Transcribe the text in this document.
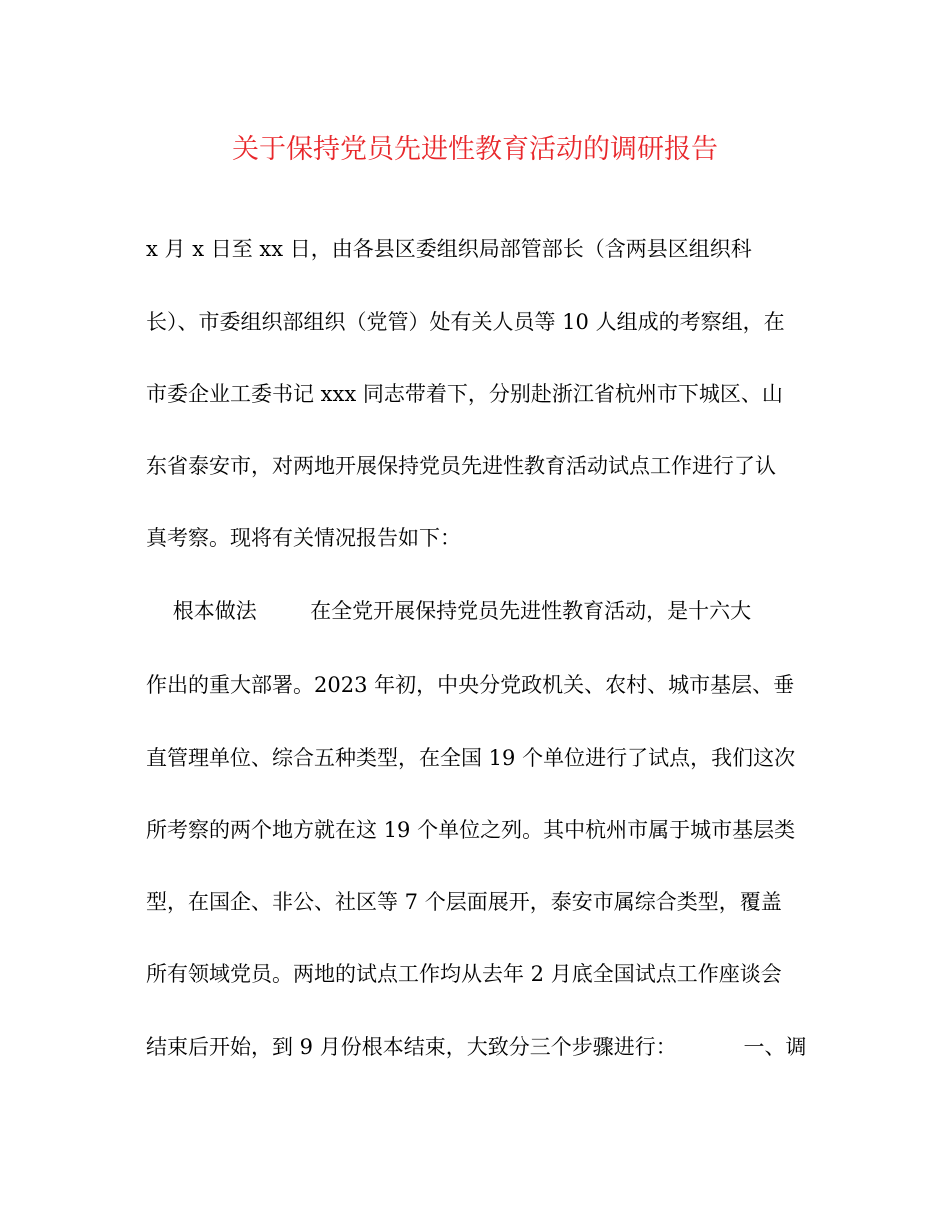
关于保持党员先进性教育活动的调研报告
x 月 x 日至 xx 日，由各县区委组织局部管部长（含两县区组织科
长）、市委组织部组织（党管）处有关人员等 10 人组成的考察组，在
市委企业工委书记 xxx 同志带着下，分别赴浙江省杭州市下城区、山
东省泰安市，对两地开展保持党员先进性教育活动试点工作进行了认
真考察。现将有关情况报告如下：
根本做法        在全党开展保持党员先进性教育活动，是十六大
作出的重大部署。2023 年初，中央分党政机关、农村、城市基层、垂
直管理单位、综合五种类型，在全国 19 个单位进行了试点，我们这次
所考察的两个地方就在这 19 个单位之列。其中杭州市属于城市基层类
型，在国企、非公、社区等 7 个层面展开，泰安市属综合类型，覆盖
所有领域党员。两地的试点工作均从去年 2 月底全国试点工作座谈会
结束后开始，到 9 月份根本结束，大致分三个步骤进行：          一、调
